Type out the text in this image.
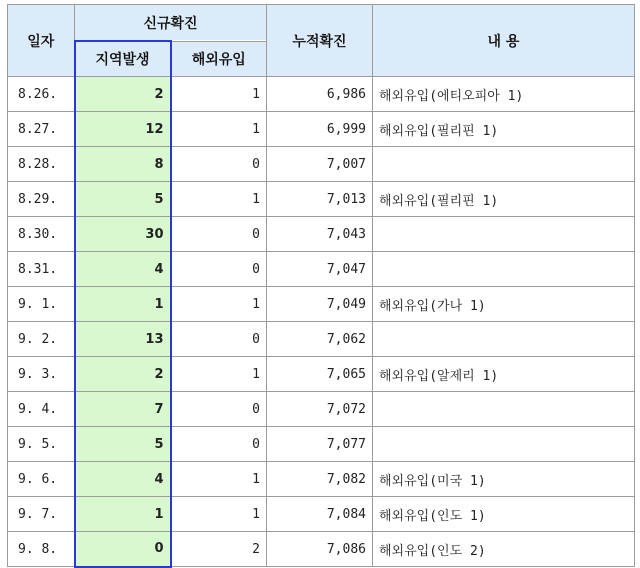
일자	신규확진		누적확진	내 용
	지역발생	해외유입		
8.26.	2	1	6,986	해외유입(에티오피아 1)
8.27.	12	1	6,999	해외유입(필리핀 1)
8.28.	8	0	7,007	
8.29.	5	1	7,013	해외유입(필리핀 1)
8.30.	30	0	7,043	
8.31.	4	0	7,047	
9. 1.	1	1	7,049	해외유입(가나 1)
9. 2.	13	0	7,062	
9. 3.	2	1	7,065	해외유입(알제리 1)
9. 4.	7	0	7,072	
9. 5.	5	0	7,077	
9. 6.	4	1	7,082	해외유입(미국 1)
9. 7.	1	1	7,084	해외유입(인도 1)
9. 8.	0	2	7,086	해외유입(인도 2)
